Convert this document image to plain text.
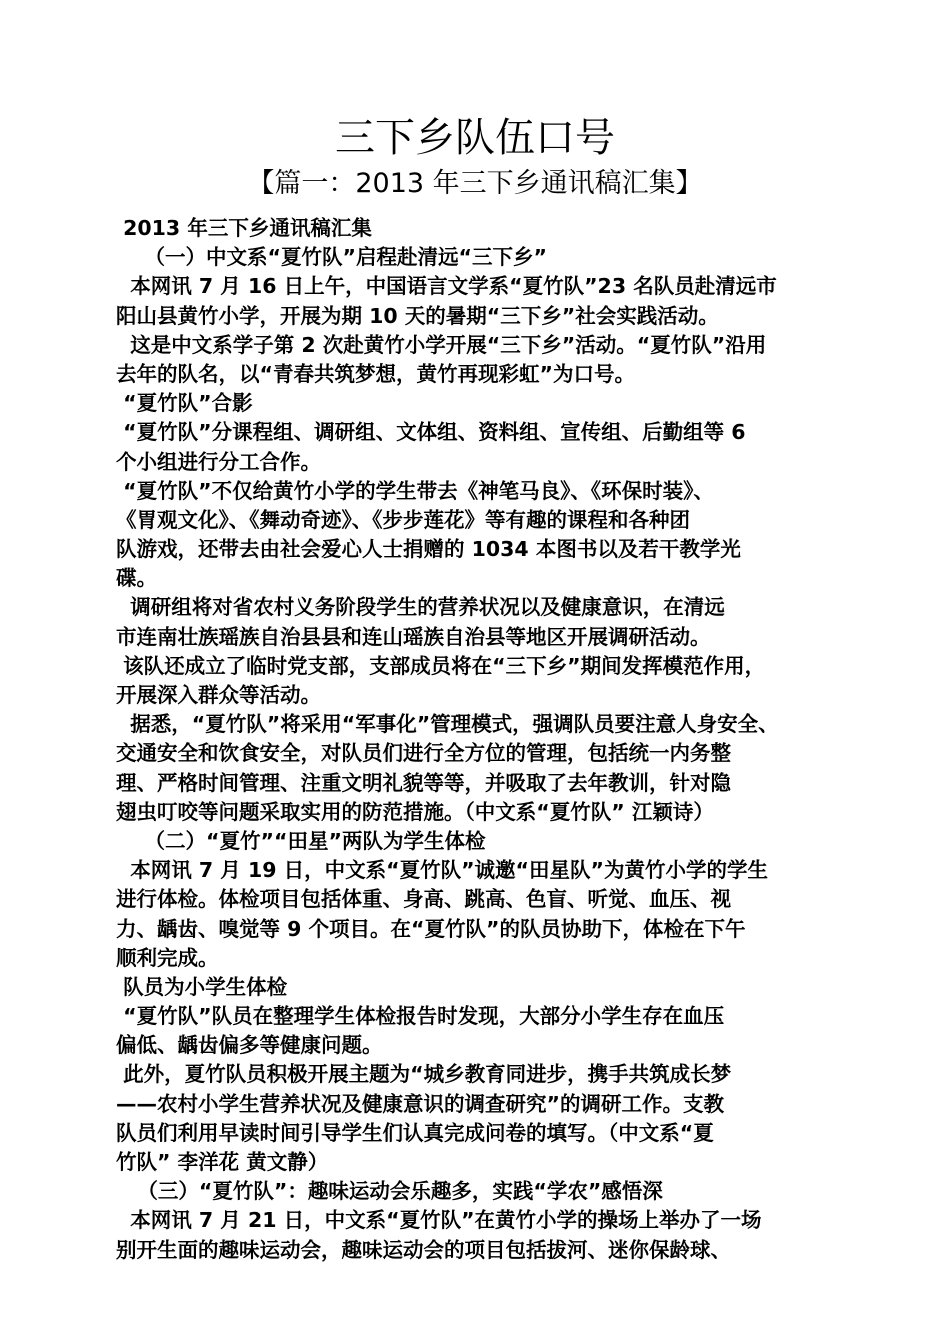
三下乡队伍口号
【篇一：2013 年三下乡通讯稿汇集】
2013 年三下乡通讯稿汇集
（一）中文系“夏竹队”启程赴清远“三下乡”
本网讯 7 月 16 日上午，中国语言文学系“夏竹队”23 名队员赴清远市
阳山县黄竹小学，开展为期 10 天的暑期“三下乡”社会实践活动。
这是中文系学子第 2 次赴黄竹小学开展“三下乡”活动。“夏竹队”沿用
去年的队名，以“青春共筑梦想，黄竹再现彩虹”为口号。
“夏竹队”合影
“夏竹队”分课程组、调研组、文体组、资料组、宣传组、后勤组等 6
个小组进行分工合作。
“夏竹队”不仅给黄竹小学的学生带去《神笔马良》、《环保时装》、
《胃观文化》、《舞动奇迹》、《步步莲花》等有趣的课程和各种团
队游戏，还带去由社会爱心人士捐赠的 1034 本图书以及若干教学光
碟。
调研组将对省农村义务阶段学生的营养状况以及健康意识，在清远
市连南壮族瑶族自治县县和连山瑶族自治县等地区开展调研活动。
该队还成立了临时党支部，支部成员将在“三下乡”期间发挥模范作用，
开展深入群众等活动。
据悉，“夏竹队”将采用“军事化”管理模式，强调队员要注意人身安全、
交通安全和饮食安全，对队员们进行全方位的管理，包括统一内务整
理、严格时间管理、注重文明礼貌等等，并吸取了去年教训，针对隐
翅虫叮咬等问题采取实用的防范措施。（中文系“夏竹队” 江颖诗）
（二）“夏竹”“田星”两队为学生体检
本网讯 7 月 19 日，中文系“夏竹队”诚邀“田星队”为黄竹小学的学生
进行体检。体检项目包括体重、身高、跳高、色盲、听觉、血压、视
力、龋齿、嗅觉等 9 个项目。在“夏竹队”的队员协助下，体检在下午
顺利完成。
队员为小学生体检
“夏竹队”队员在整理学生体检报告时发现，大部分小学生存在血压
偏低、龋齿偏多等健康问题。
此外，夏竹队员积极开展主题为“城乡教育同进步，携手共筑成长梦
——农村小学生营养状况及健康意识的调查研究”的调研工作。支教
队员们利用早读时间引导学生们认真完成问卷的填写。（中文系“夏
竹队” 李洋花 黄文静）
（三）“夏竹队”：趣味运动会乐趣多，实践“学农”感悟深
本网讯 7 月 21 日，中文系“夏竹队”在黄竹小学的操场上举办了一场
别开生面的趣味运动会，趣味运动会的项目包括拔河、迷你保龄球、
